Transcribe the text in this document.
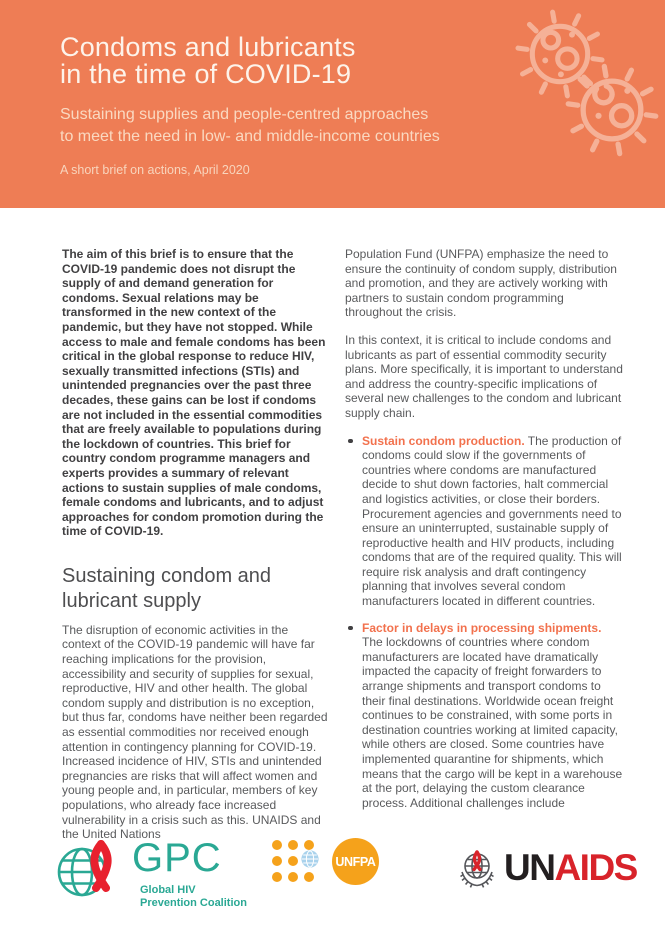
Condoms and lubricants
in the time of COVID-19
Sustaining supplies and people-centred approaches
to meet the need in low- and middle-income countries
A short brief on actions, April 2020

The aim of this brief is to ensure that the COVID-19 pandemic does not disrupt the supply of and demand generation for condoms. Sexual relations may be transformed in the new context of the pandemic, but they have not stopped. While access to male and female condoms has been critical in the global response to reduce HIV, sexually transmitted infections (STIs) and unintended pregnancies over the past three decades, these gains can be lost if condoms are not included in the essential commodities that are freely available to populations during the lockdown of countries. This brief for country condom programme managers and experts provides a summary of relevant actions to sustain supplies of male condoms, female condoms and lubricants, and to adjust approaches for condom promotion during the time of COVID-19.

Sustaining condom and lubricant supply

The disruption of economic activities in the context of the COVID-19 pandemic will have far reaching implications for the provision, accessibility and security of supplies for sexual, reproductive, HIV and other health. The global condom supply and distribution is no exception, but thus far, condoms have neither been regarded as essential commodities nor received enough attention in contingency planning for COVID-19. Increased incidence of HIV, STIs and unintended pregnancies are risks that will affect women and young people and, in particular, members of key populations, who already face increased vulnerability in a crisis such as this. UNAIDS and the United Nations

Population Fund (UNFPA) emphasize the need to ensure the continuity of condom supply, distribution and promotion, and they are actively working with partners to sustain condom programming throughout the crisis.

In this context, it is critical to include condoms and lubricants as part of essential commodity security plans. More specifically, it is important to understand and address the country-specific implications of several new challenges to the condom and lubricant supply chain.

Sustain condom production. The production of condoms could slow if the governments of countries where condoms are manufactured decide to shut down factories, halt commercial and logistics activities, or close their borders. Procurement agencies and governments need to ensure an uninterrupted, sustainable supply of reproductive health and HIV products, including condoms that are of the required quality. This will require risk analysis and draft contingency planning that involves several condom manufacturers located in different countries.
Factor in delays in processing shipments. The lockdowns of countries where condom manufacturers are located have dramatically impacted the capacity of freight forwarders to arrange shipments and transport condoms to their final destinations. Worldwide ocean freight continues to be constrained, with some ports in destination countries working at limited capacity, while others are closed. Some countries have implemented quarantine for shipments, which means that the cargo will be kept in a warehouse at the port, delaying the custom clearance process. Additional challenges include
GPC
Global HIV
Prevention Coalition
UNFPA	UNAIDS
